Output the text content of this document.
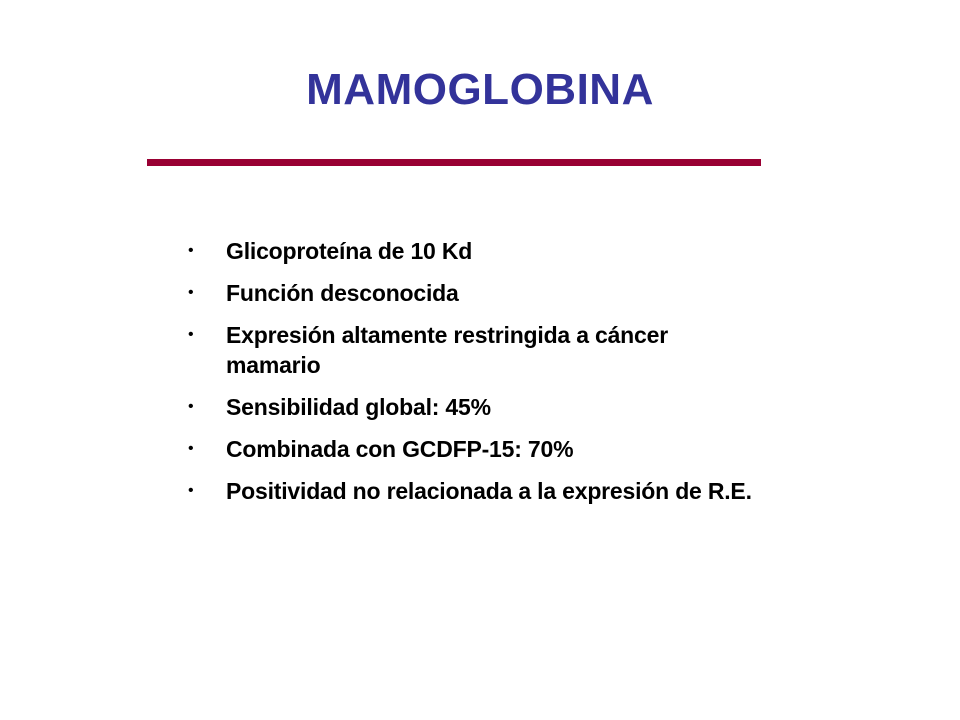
MAMOGLOBINA
•	Glicoproteína de 10 Kd
•	Función desconocida
•	Expresión altamente restringida a cáncer mamario
•	Sensibilidad global: 45%
•	Combinada con GCDFP-15: 70%
•	Positividad no relacionada a la expresión de R.E.
